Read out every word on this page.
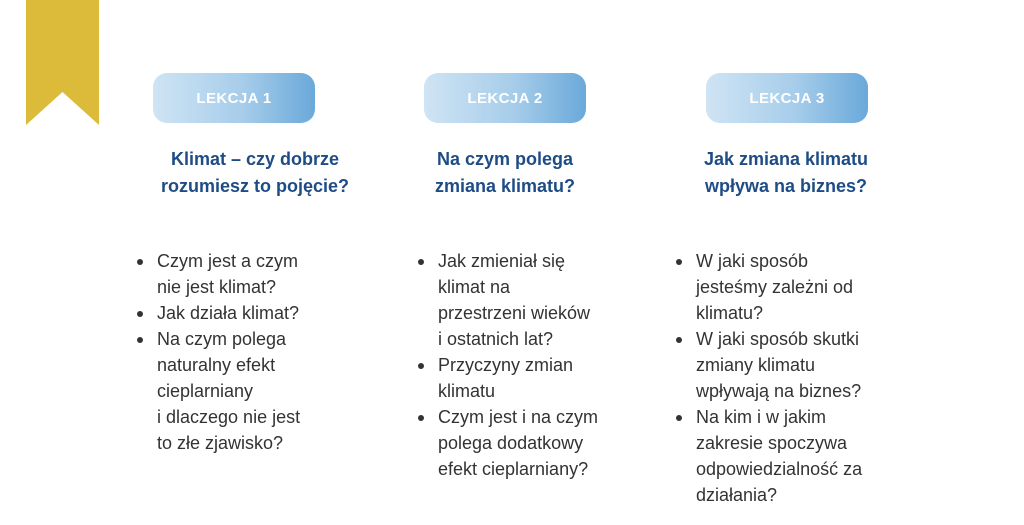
LEKCJA 1
Klimat – czy dobrze
rozumiesz to pojęcie?
Czym jest a czym
nie jest klimat?
Jak działa klimat?
Na czym polega
naturalny efekt
cieplarniany
i dlaczego nie jest
to złe zjawisko?
LEKCJA 2
Na czym polega
zmiana klimatu?
Jak zmieniał się
klimat na
przestrzeni wieków
i ostatnich lat?
Przyczyny zmian
klimatu
Czym jest i na czym
polega dodatkowy
efekt cieplarniany?
LEKCJA 3
Jak zmiana klimatu
wpływa na biznes?
W jaki sposób
jesteśmy zależni od
klimatu?
W jaki sposób skutki
zmiany klimatu
wpływają na biznes?
Na kim i w jakim
zakresie spoczywa
odpowiedzialność za
działania?
